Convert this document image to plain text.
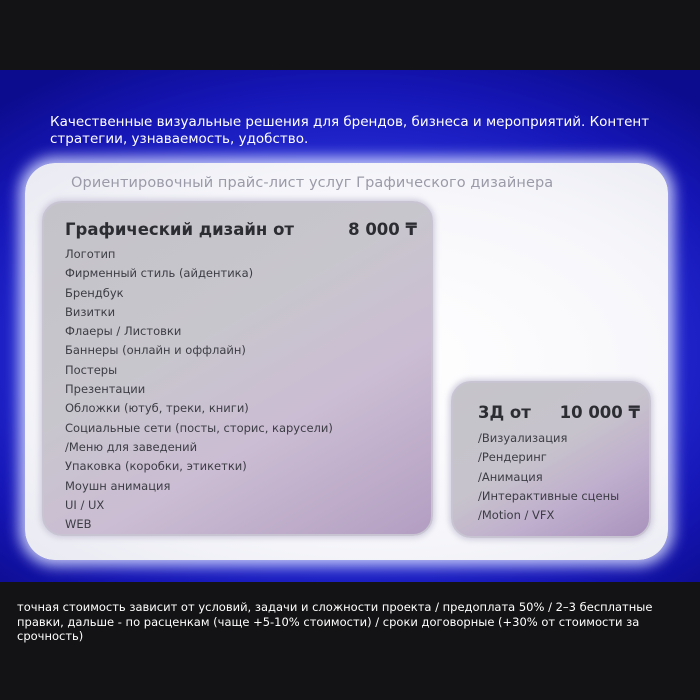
Качественные визуальные решения для брендов, бизнеса и мероприятий. Контент стратегии, узнаваемость, удобство.

Ориентировочный прайс-лист услуг Графического дизайнера
Графический дизайн от	8 000 ₸
Логотип
Фирменный стиль (айдентика)
Брендбук
Визитки
Флаеры / Листовки
Баннеры (онлайн и оффлайн)
Постеры
Презентации
Обложки (ютуб, треки, книги)
Социальные сети (посты, сторис, карусели)
/Меню для заведений
Упаковка (коробки, этикетки)
Моушн анимация
UI / UX
WEB
3Д от 10 000 ₸
/Визуализация
/Рендеринг
/Анимация
/Интерактивные сцены
/Motion / VFX

точная стоимость зависит от условий, задачи и сложности проекта / предоплата 50% / 2–3 бесплатные правки, дальше - по расценкам (чаще +5-10% стоимости) / сроки договорные (+30% от стоимости за срочность)
